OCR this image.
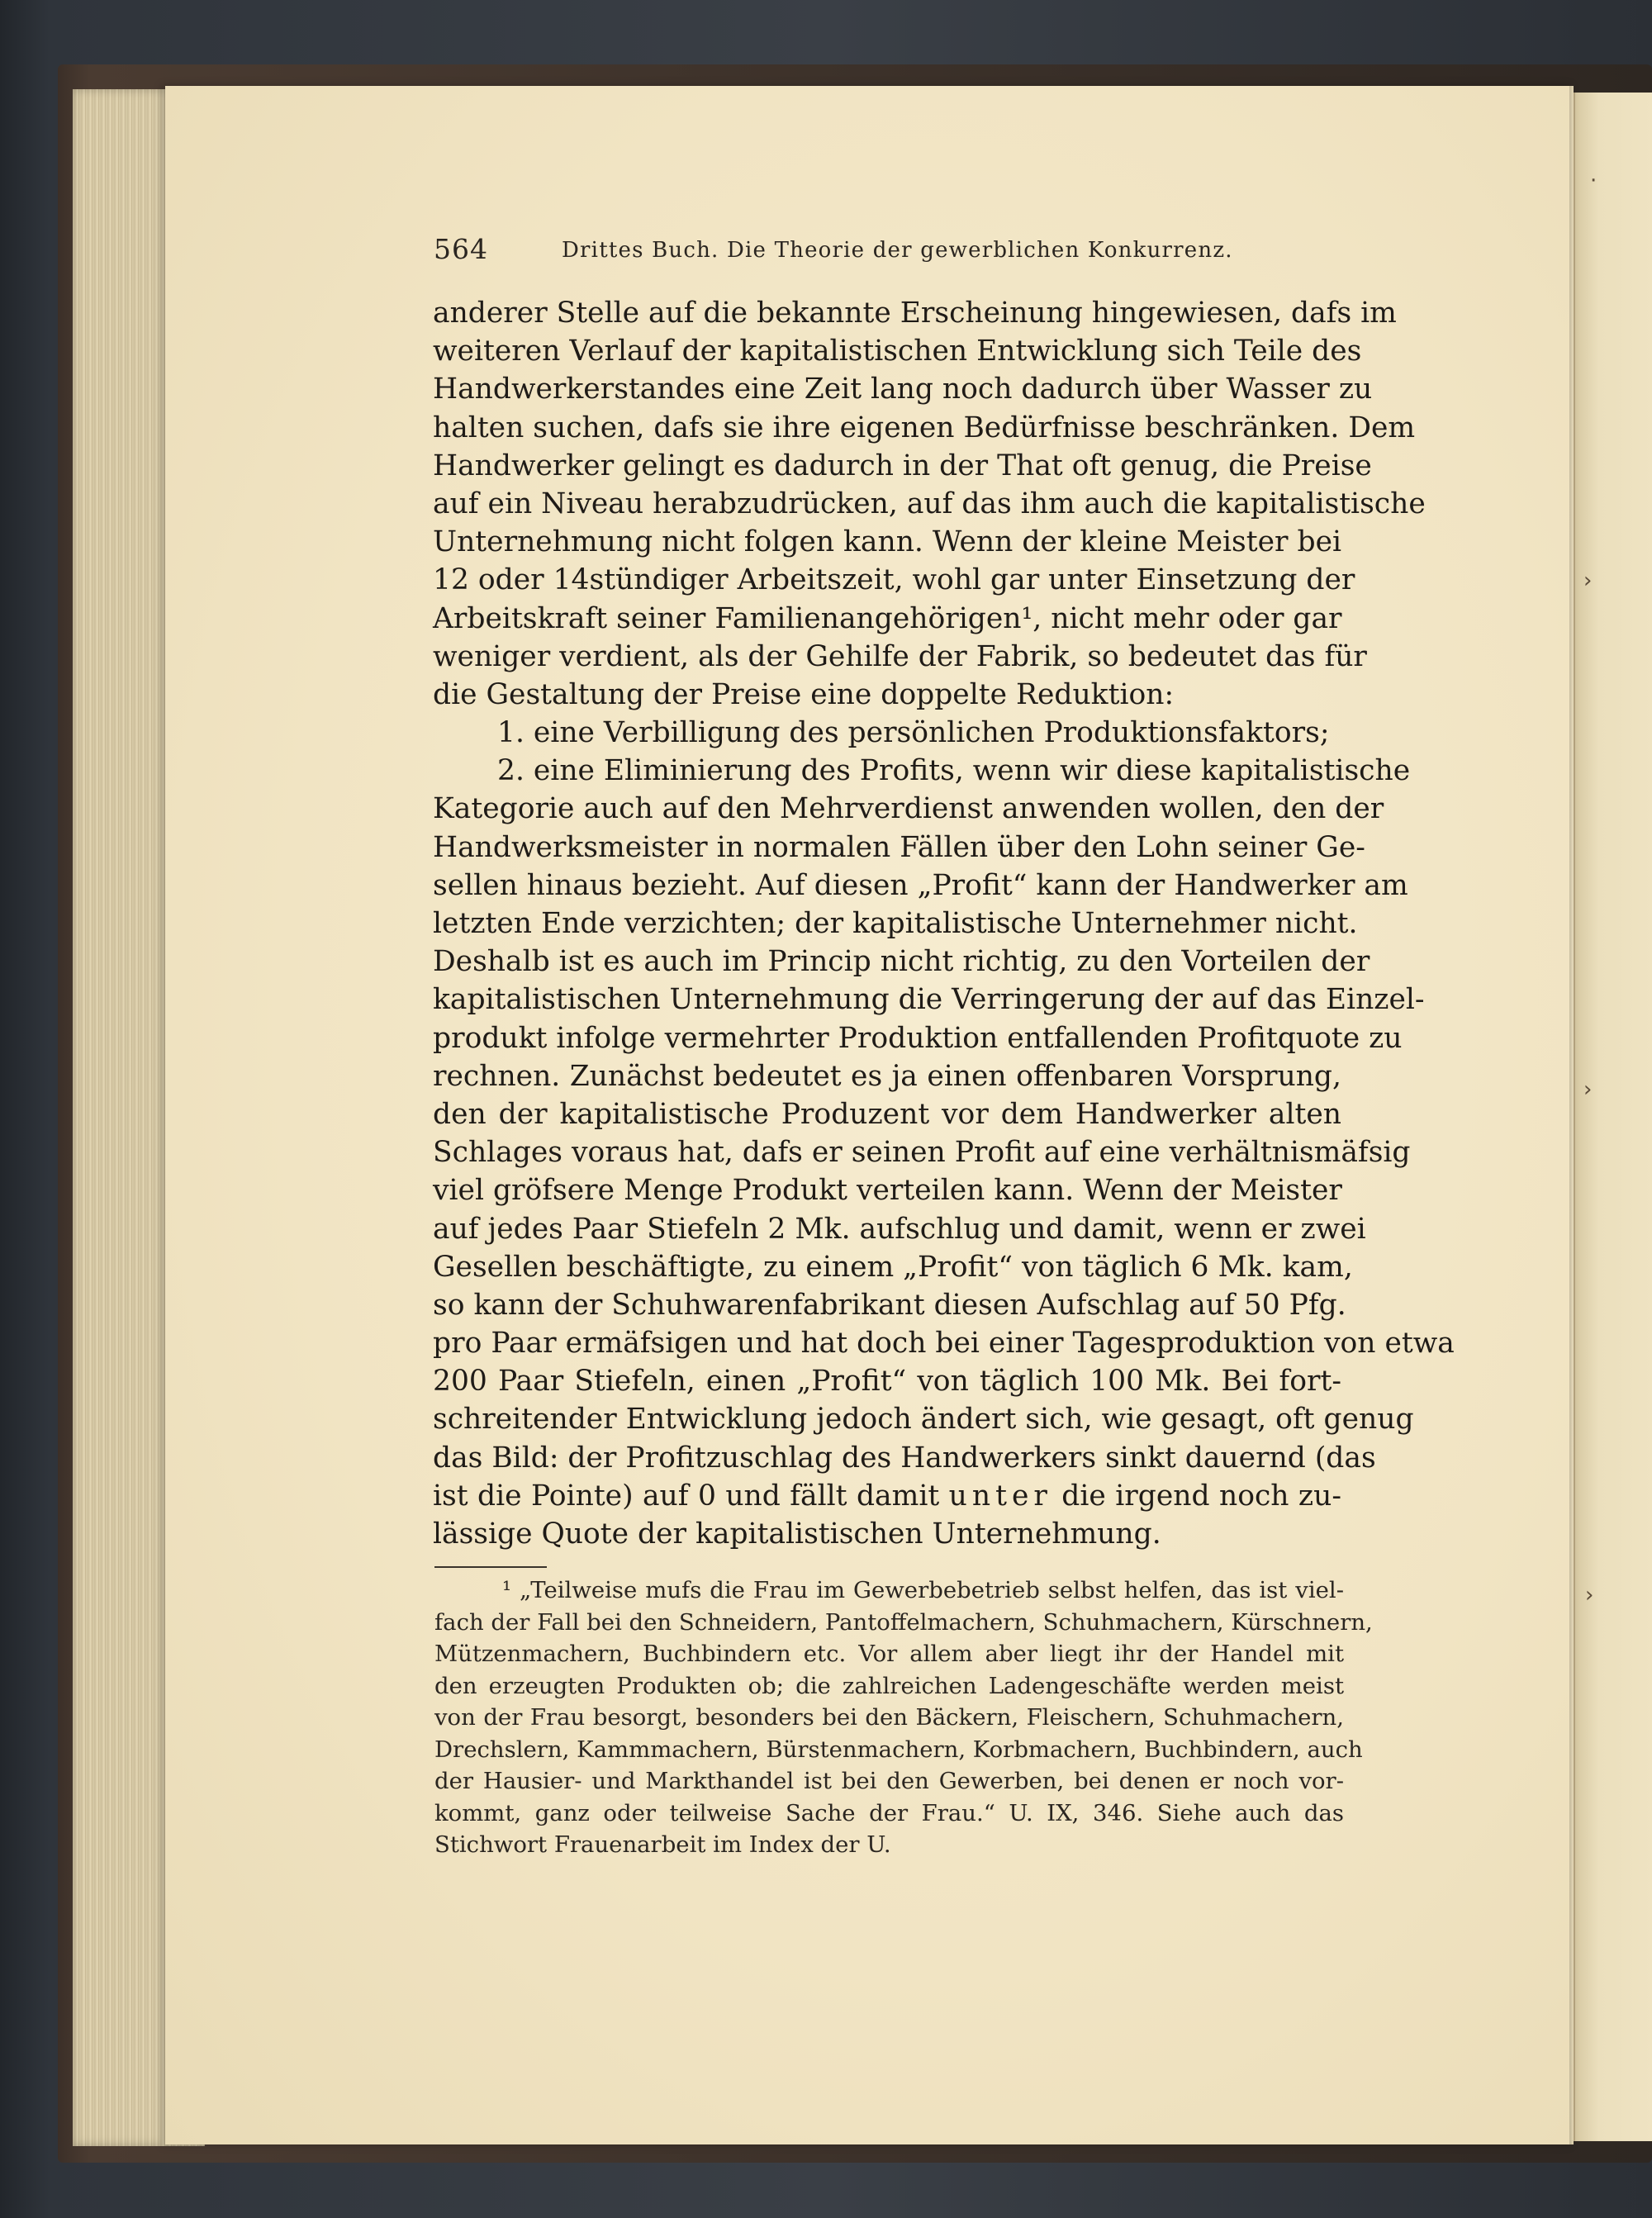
·
›
›
›
564	Drittes Buch. Die Theorie der gewerblichen Konkurrenz.
anderer Stelle auf die bekannte Erscheinung hingewiesen, dafs im
weiteren Verlauf der kapitalistischen Entwicklung sich Teile des
Handwerkerstandes eine Zeit lang noch dadurch über Wasser zu
halten suchen, dafs sie ihre eigenen Bedürfnisse beschränken. Dem
Handwerker gelingt es dadurch in der That oft genug, die Preise
auf ein Niveau herabzudrücken, auf das ihm auch die kapitalistische
Unternehmung nicht folgen kann. Wenn der kleine Meister bei
12 oder 14stündiger Arbeitszeit, wohl gar unter Einsetzung der
Arbeitskraft seiner Familienangehörigen¹, nicht mehr oder gar
weniger verdient, als der Gehilfe der Fabrik, so bedeutet das für
die Gestaltung der Preise eine doppelte Reduktion:
1. eine Verbilligung des persönlichen Produktionsfaktors;
2. eine Eliminierung des Profits, wenn wir diese kapitalistische
Kategorie auch auf den Mehrverdienst anwenden wollen, den der
Handwerksmeister in normalen Fällen über den Lohn seiner Ge-
sellen hinaus bezieht. Auf diesen „Profit“ kann der Handwerker am
letzten Ende verzichten; der kapitalistische Unternehmer nicht.
Deshalb ist es auch im Princip nicht richtig, zu den Vorteilen der
kapitalistischen Unternehmung die Verringerung der auf das Einzel-
produkt infolge vermehrter Produktion entfallenden Profitquote zu
rechnen. Zunächst bedeutet es ja einen offenbaren Vorsprung,
den der kapitalistische Produzent vor dem Handwerker alten
Schlages voraus hat, dafs er seinen Profit auf eine verhältnismäfsig
viel gröfsere Menge Produkt verteilen kann. Wenn der Meister
auf jedes Paar Stiefeln 2 Mk. aufschlug und damit, wenn er zwei
Gesellen beschäftigte, zu einem „Profit“ von täglich 6 Mk. kam,
so kann der Schuhwarenfabrikant diesen Aufschlag auf 50 Pfg.
pro Paar ermäfsigen und hat doch bei einer Tagesproduktion von etwa
200 Paar Stiefeln, einen „Profit“ von täglich 100 Mk. Bei fort-
schreitender Entwicklung jedoch ändert sich, wie gesagt, oft genug
das Bild: der Profitzuschlag des Handwerkers sinkt dauernd (das
ist die Pointe) auf 0 und fällt damit unter die irgend noch zu-
lässige Quote der kapitalistischen Unternehmung.
¹ „Teilweise mufs die Frau im Gewerbebetrieb selbst helfen, das ist viel-
fach der Fall bei den Schneidern, Pantoffelmachern, Schuhmachern, Kürschnern,
Mützenmachern, Buchbindern etc. Vor allem aber liegt ihr der Handel mit
den erzeugten Produkten ob; die zahlreichen Ladengeschäfte werden meist
von der Frau besorgt, besonders bei den Bäckern, Fleischern, Schuhmachern,
Drechslern, Kammmachern, Bürstenmachern, Korbmachern, Buchbindern, auch
der Hausier- und Markthandel ist bei den Gewerben, bei denen er noch vor-
kommt, ganz oder teilweise Sache der Frau.“ U. IX, 346. Siehe auch das
Stichwort Frauenarbeit im Index der U.
